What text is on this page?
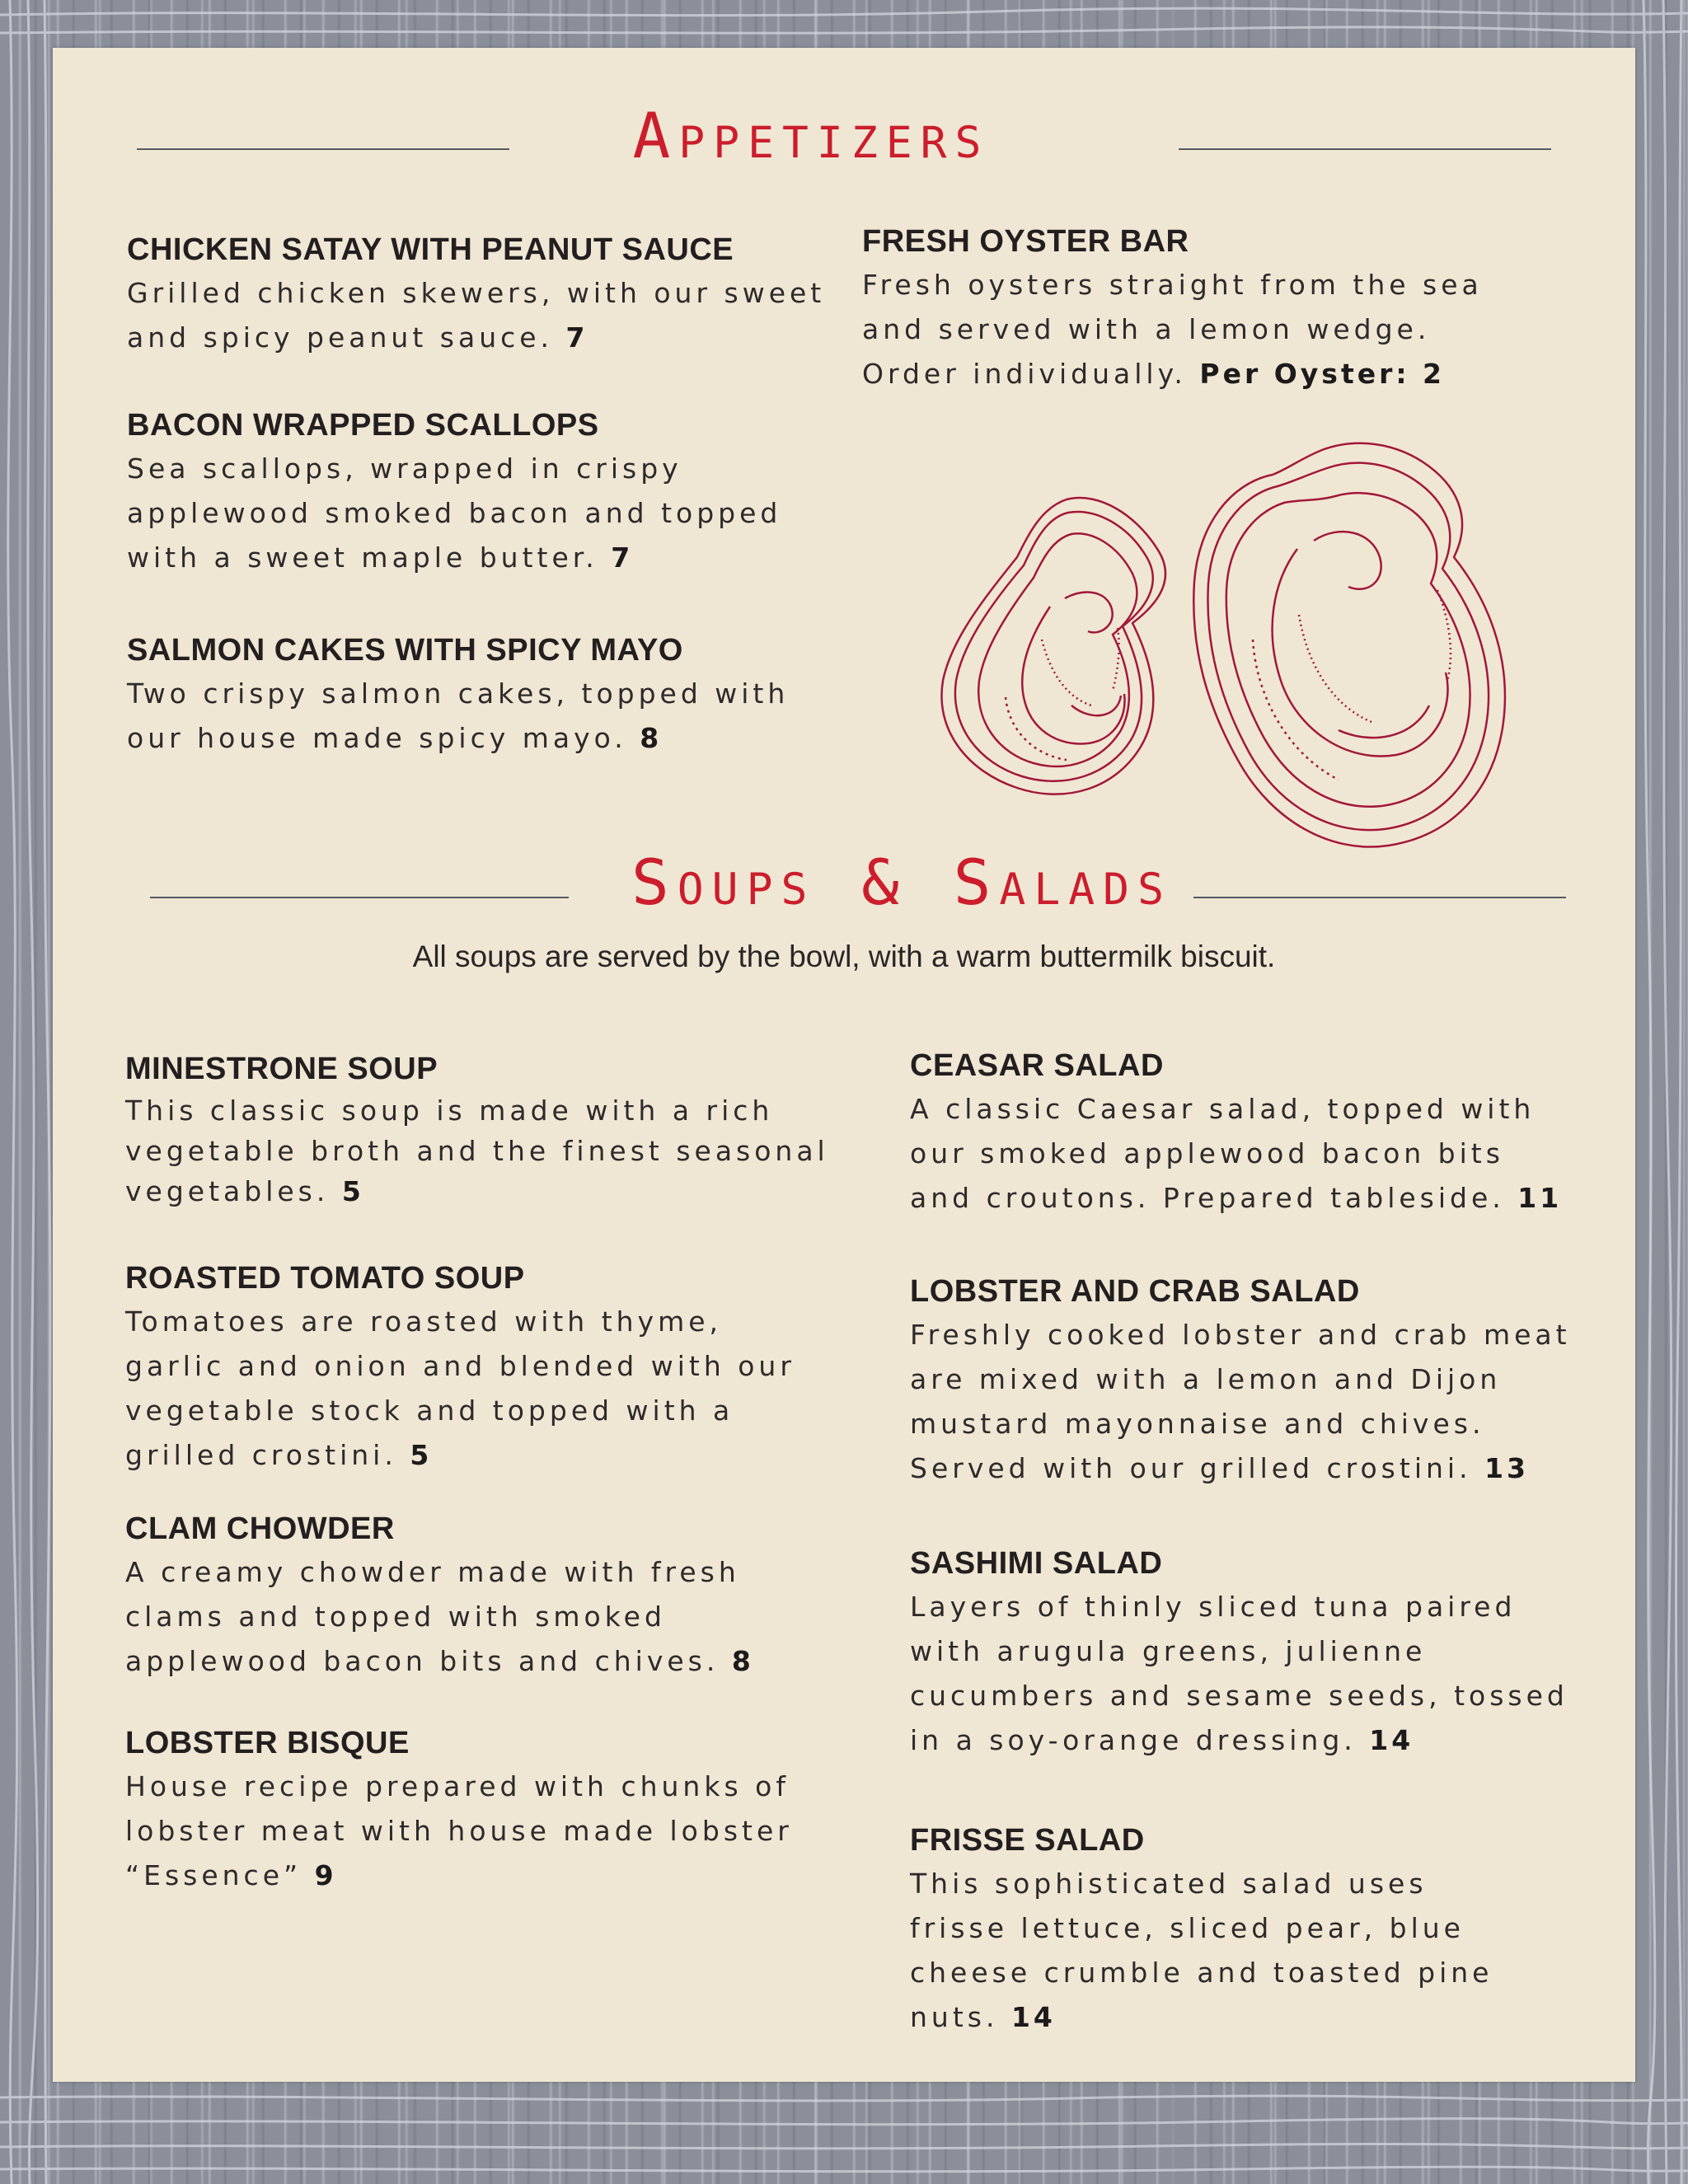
Appetizers
CHICKEN SATAY WITH PEANUT SAUCE
Grilled chicken skewers, with our sweet and spicy peanut sauce. 7
BACON WRAPPED SCALLOPS
Sea scallops, wrapped in crispy applewood smoked bacon and topped with a sweet maple butter. 7
SALMON CAKES WITH SPICY MAYO
Two crispy salmon cakes, topped with our house made spicy mayo. 8
FRESH OYSTER BAR
Fresh oysters straight from the sea and served with a lemon wedge. Order individually. Per Oyster: 2
Soups & Salads
All soups are served by the bowl, with a warm buttermilk biscuit.
MINESTRONE SOUP
This classic soup is made with a rich vegetable broth and the finest seasonal vegetables. 5
ROASTED TOMATO SOUP
Tomatoes are roasted with thyme, garlic and onion and blended with our vegetable stock and topped with a grilled crostini. 5
CLAM CHOWDER
A creamy chowder made with fresh clams and topped with smoked applewood bacon bits and chives. 8
LOBSTER BISQUE
House recipe prepared with chunks of lobster meat with house made lobster “Essence” 9
CEASAR SALAD
A classic Caesar salad, topped with our smoked applewood bacon bits and croutons. Prepared tableside. 11
LOBSTER AND CRAB SALAD
Freshly cooked lobster and crab meat are mixed with a lemon and Dijon mustard mayonnaise and chives. Served with our grilled crostini. 13
SASHIMI SALAD
Layers of thinly sliced tuna paired with arugula greens, julienne cucumbers and sesame seeds, tossed in a soy-orange dressing. 14
FRISSE SALAD
This sophisticated salad uses frisse lettuce, sliced pear, blue cheese crumble and toasted pine nuts. 14
